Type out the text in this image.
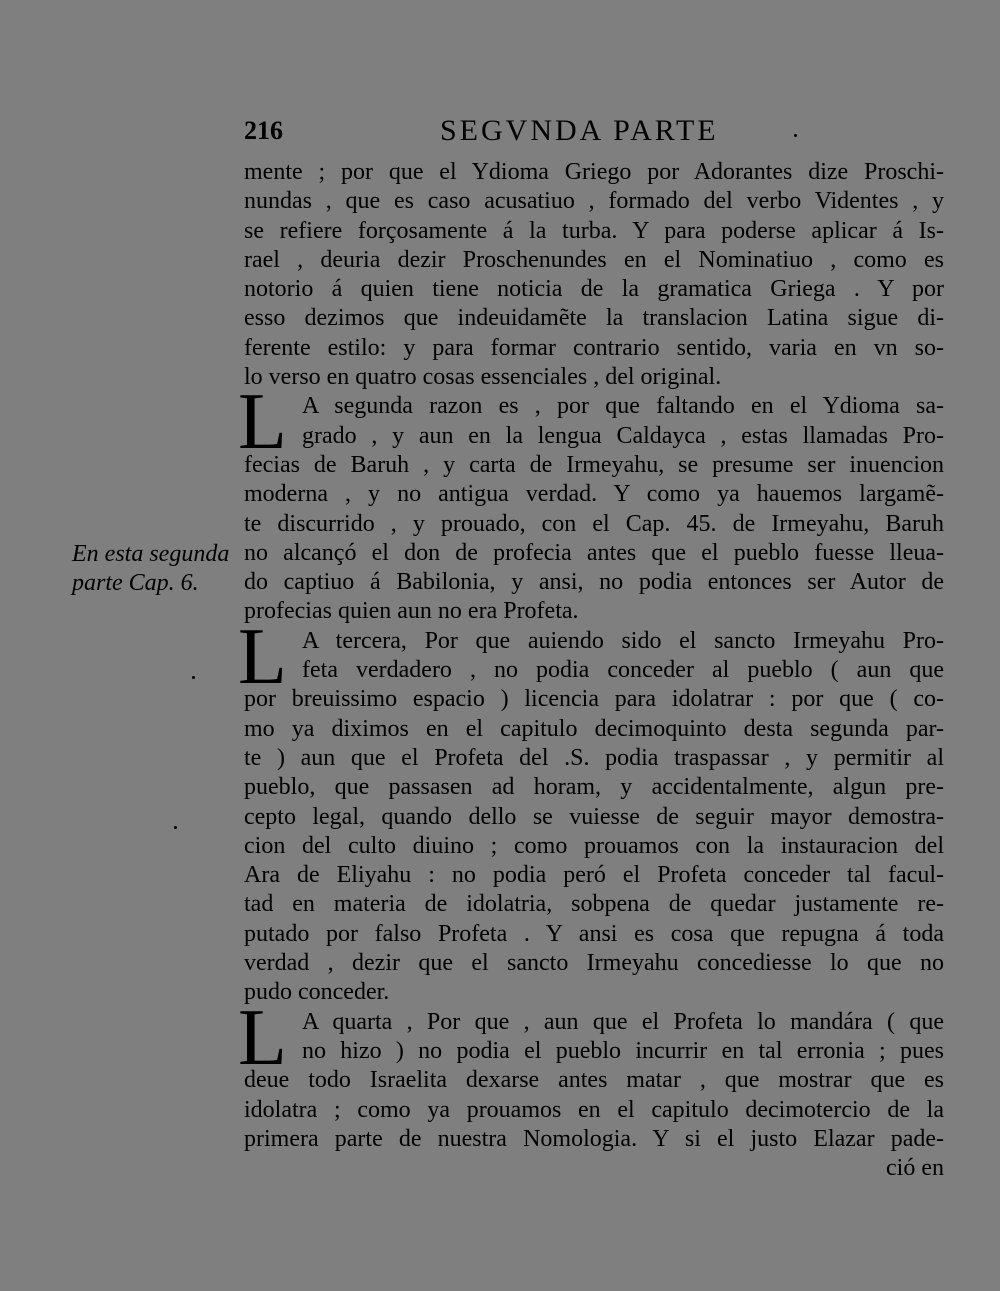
216	SEGVNDA PARTE
En esta segunda
parte Cap. 6.
mente ; por que el Ydioma Griego por Adorantes dize Proschi-
nundas , que es caso acusatiuo , formado del verbo Videntes , y
se refiere forçosamente á la turba. Y para poderse aplicar á Is-
rael , deuria dezir Proschenundes en el Nominatiuo , como es
notorio á quien tiene noticia de la gramatica Griega . Y por
esso dezimos que indeuidamẽte la translacion Latina sigue di-
ferente estilo: y para formar contrario sentido, varia en vn so-
lo verso en quatro cosas essenciales , del original.
L A segunda razon es , por que faltando en el Ydioma sa-
grado , y aun en la lengua Caldayca , estas llamadas Pro-
fecias de Baruh , y carta de Irmeyahu, se presume ser inuencion
moderna , y no antigua verdad. Y como ya hauemos largamẽ-
te discurrido , y prouado, con el Cap. 45. de Irmeyahu, Baruh
no alcançó el don de profecia antes que el pueblo fuesse lleua-
do captiuo á Babilonia, y ansi, no podia entonces ser Autor de
profecias quien aun no era Profeta.
L A tercera, Por que auiendo sido el sancto Irmeyahu Pro-
feta verdadero , no podia conceder al pueblo ( aun que
por breuissimo espacio ) licencia para idolatrar : por que ( co-
mo ya diximos en el capitulo decimoquinto desta segunda par-
te ) aun que el Profeta del .S. podia traspassar , y permitir al
pueblo, que passasen ad horam, y accidentalmente, algun pre-
cepto legal, quando dello se vuiesse de seguir mayor demostra-
cion del culto diuino ; como prouamos con la instauracion del
Ara de Eliyahu : no podia peró el Profeta conceder tal facul-
tad en materia de idolatria, sobpena de quedar justamente re-
putado por falso Profeta . Y ansi es cosa que repugna á toda
verdad , dezir que el sancto Irmeyahu concediesse lo que no
pudo conceder.
L A quarta , Por que , aun que el Profeta lo mandára ( que
no hizo ) no podia el pueblo incurrir en tal erronia ; pues
deue todo Israelita dexarse antes matar , que mostrar que es
idolatra ; como ya prouamos en el capitulo decimotercio de la
primera parte de nuestra Nomologia. Y si el justo Elazar pade-
ció en
